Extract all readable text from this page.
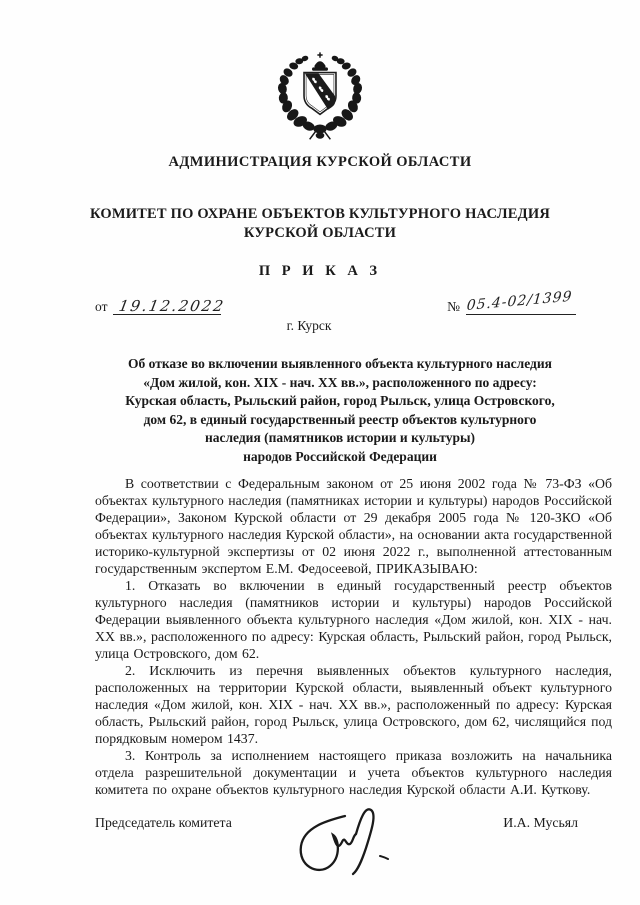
АДМИНИСТРАЦИЯ КУРСКОЙ ОБЛАСТИ
КОМИТЕТ ПО ОХРАНЕ ОБЪЕКТОВ КУЛЬТУРНОГО НАСЛЕДИЯ
КУРСКОЙ ОБЛАСТИ
П Р И К А З
от 19.12.2022	№ 05.4-02/1399
г. Курск
Об отказе во включении выявленного объекта культурного наследия
«Дом жилой, кон. XIX - нач. XX вв.», расположенного по адресу:
Курская область, Рыльский район, город Рыльск, улица Островского,
дом 62, в единый государственный реестр объектов культурного
наследия (памятников истории и культуры)
народов Российской Федерации

В соответствии с Федеральным законом от 25 июня 2002 года № 73-ФЗ «Об объектах культурного наследия (памятниках истории и культуры) народов Российской Федерации», Законом Курской области от 29 декабря 2005 года № 120-ЗКО «Об объектах культурного наследия Курской области», на основании акта государственной историко-культурной экспертизы от 02 июня 2022 г., выполненной аттестованным государственным экспертом Е.М. Федосеевой, ПРИКАЗЫВАЮ:

1. Отказать во включении в единый государственный реестр объектов культурного наследия (памятников истории и культуры) народов Российской Федерации выявленного объекта культурного наследия «Дом жилой, кон. XIX - нач. XX вв.», расположенного по адресу: Курская область, Рыльский район, город Рыльск, улица Островского, дом 62.

2. Исключить из перечня выявленных объектов культурного наследия, расположенных на территории Курской области, выявленный объект культурного наследия «Дом жилой, кон. XIX - нач. XX вв.», расположенный по адресу: Курская область, Рыльский район, город Рыльск, улица Островского, дом 62, числящийся под порядковым номером 1437.

3. Контроль за исполнением настоящего приказа возложить на начальника отдела разрешительной документации и учета объектов культурного наследия комитета по охране объектов культурного наследия Курской области А.И. Куткову.

Председатель комитета	И.А. Мусьял
